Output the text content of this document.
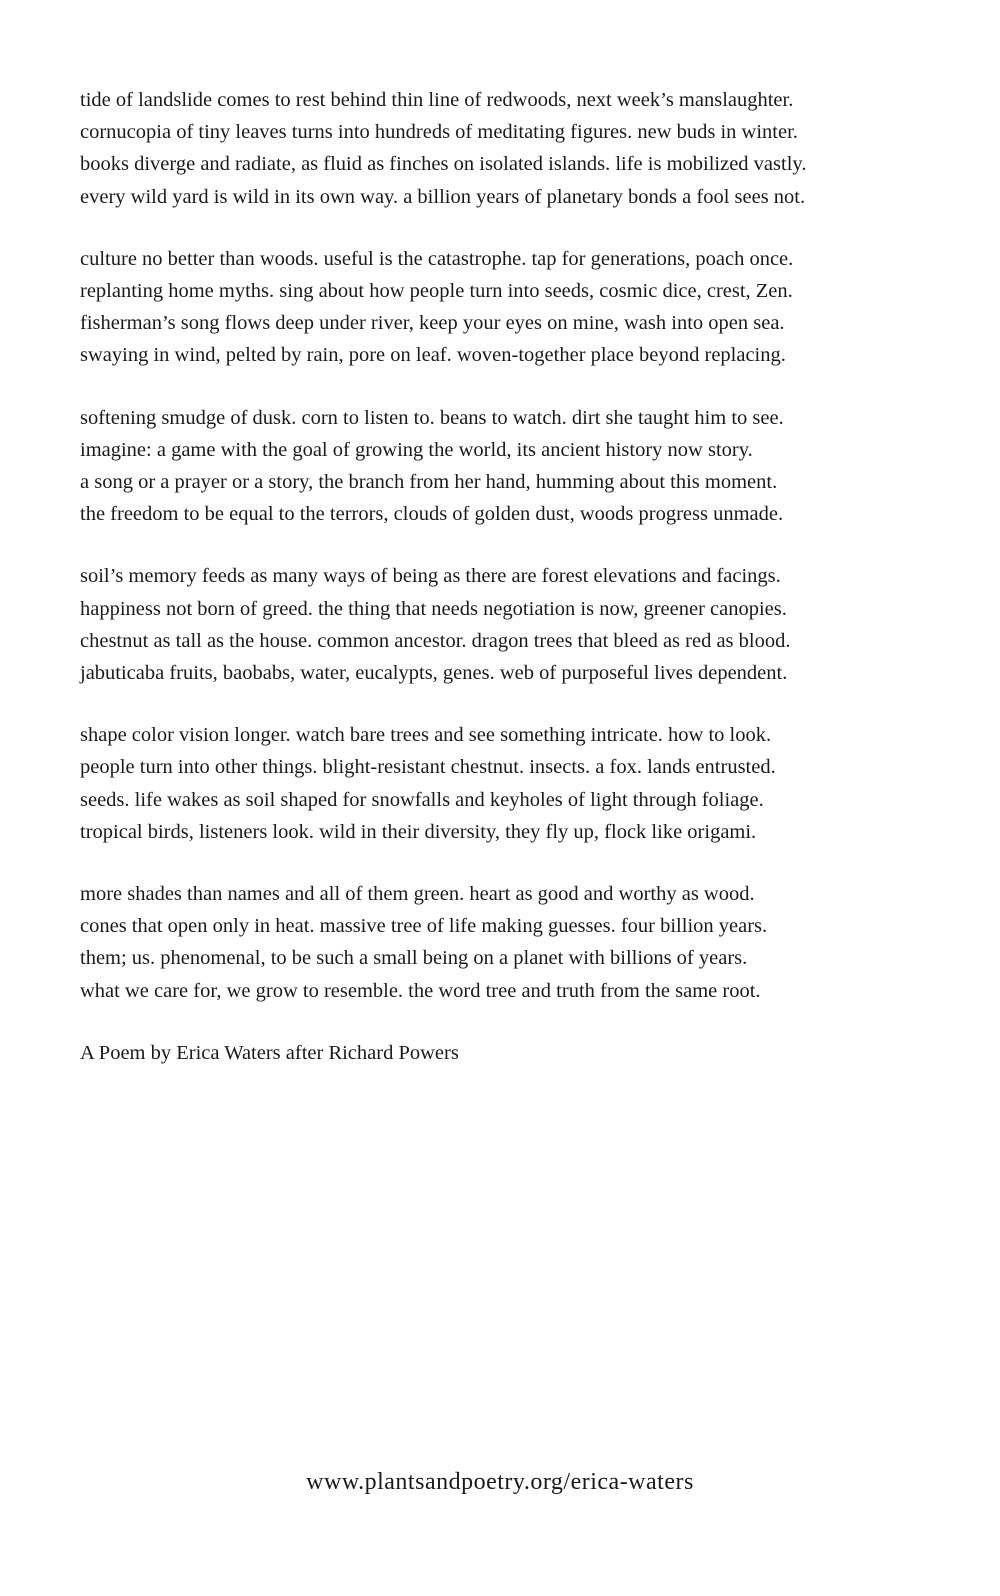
tide of landslide comes to rest behind thin line of redwoods, next week’s manslaughter.
cornucopia of tiny leaves turns into hundreds of meditating figures. new buds in winter.
books diverge and radiate, as fluid as finches on isolated islands. life is mobilized vastly.
every wild yard is wild in its own way. a billion years of planetary bonds a fool sees not.
culture no better than woods. useful is the catastrophe. tap for generations, poach once.
replanting home myths. sing about how people turn into seeds, cosmic dice, crest, Zen.
fisherman’s song flows deep under river, keep your eyes on mine, wash into open sea.
swaying in wind, pelted by rain, pore on leaf. woven-together place beyond replacing.
softening smudge of dusk. corn to listen to. beans to watch. dirt she taught him to see.
imagine: a game with the goal of growing the world, its ancient history now story.
a song or a prayer or a story, the branch from her hand, humming about this moment.
the freedom to be equal to the terrors, clouds of golden dust, woods progress unmade.
soil’s memory feeds as many ways of being as there are forest elevations and facings.
happiness not born of greed. the thing that needs negotiation is now, greener canopies.
chestnut as tall as the house. common ancestor. dragon trees that bleed as red as blood.
jabuticaba fruits, baobabs, water, eucalypts, genes. web of purposeful lives dependent.
shape color vision longer. watch bare trees and see something intricate. how to look.
people turn into other things. blight-resistant chestnut. insects. a fox. lands entrusted.
seeds. life wakes as soil shaped for snowfalls and keyholes of light through foliage.
tropical birds, listeners look. wild in their diversity, they fly up, flock like origami.
more shades than names and all of them green. heart as good and worthy as wood.
cones that open only in heat. massive tree of life making guesses. four billion years.
them; us. phenomenal, to be such a small being on a planet with billions of years.
what we care for, we grow to resemble. the word tree and truth from the same root.
A Poem by Erica Waters after Richard Powers
www.plantsandpoetry.org/erica-waters
